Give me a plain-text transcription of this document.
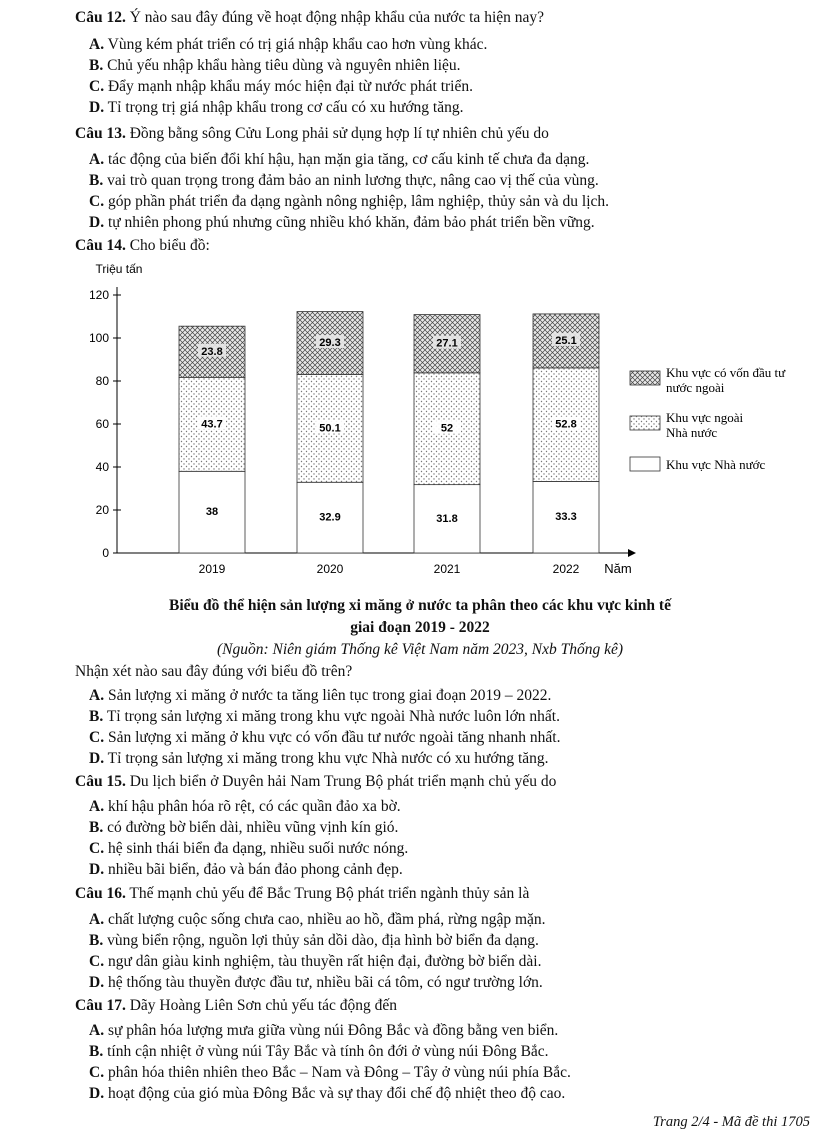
Câu 12. Ý nào sau đây đúng về hoạt động nhập khẩu của nước ta hiện nay?
A. Vùng kém phát triển có trị giá nhập khẩu cao hơn vùng khác.
B. Chủ yếu nhập khẩu hàng tiêu dùng và nguyên nhiên liệu.
C. Đẩy mạnh nhập khẩu máy móc hiện đại từ nước phát triển.
D. Tỉ trọng trị giá nhập khẩu trong cơ cấu có xu hướng tăng.
Câu 13. Đồng bằng sông Cửu Long phải sử dụng hợp lí tự nhiên chủ yếu do
A. tác động của biến đổi khí hậu, hạn mặn gia tăng, cơ cấu kinh tế chưa đa dạng.
B. vai trò quan trọng trong đảm bảo an ninh lương thực, nâng cao vị thế của vùng.
C. góp phần phát triển đa dạng ngành nông nghiệp, lâm nghiệp, thủy sản và du lịch.
D. tự nhiên phong phú nhưng cũng nhiều khó khăn, đảm bảo phát triển bền vững.
Câu 14. Cho biểu đồ:
Triệu tấn
0
20
40
60
80
100
120
Năm
38
43.7
23.8
2019
32.9
50.1
29.3
2020
31.8
52
27.1
2021
33.3
52.8
25.1
2022
Khu vực có vốn đầu tư
nước ngoài
Khu vực ngoài
Nhà nước
Khu vực Nhà nước
Biểu đồ thể hiện sản lượng xi măng ở nước ta phân theo các khu vực kinh tế
giai đoạn 2019 - 2022
(Nguồn: Niên giám Thống kê Việt Nam năm 2023, Nxb Thống kê)
Nhận xét nào sau đây đúng với biểu đồ trên?
A. Sản lượng xi măng ở nước ta tăng liên tục trong giai đoạn 2019 – 2022.
B. Tỉ trọng sản lượng xi măng trong khu vực ngoài Nhà nước luôn lớn nhất.
C. Sản lượng xi măng ở khu vực có vốn đầu tư nước ngoài tăng nhanh nhất.
D. Tỉ trọng sản lượng xi măng trong khu vực Nhà nước có xu hướng tăng.
Câu 15. Du lịch biển ở Duyên hải Nam Trung Bộ phát triển mạnh chủ yếu do
A. khí hậu phân hóa rõ rệt, có các quần đảo xa bờ.
B. có đường bờ biển dài, nhiều vũng vịnh kín gió.
C. hệ sinh thái biển đa dạng, nhiều suối nước nóng.
D. nhiều bãi biển, đảo và bán đảo phong cảnh đẹp.
Câu 16. Thế mạnh chủ yếu để Bắc Trung Bộ phát triển ngành thủy sản là
A. chất lượng cuộc sống chưa cao, nhiều ao hồ, đầm phá, rừng ngập mặn.
B. vùng biển rộng, nguồn lợi thủy sản dồi dào, địa hình bờ biển đa dạng.
C. ngư dân giàu kinh nghiệm, tàu thuyền rất hiện đại, đường bờ biển dài.
D. hệ thống tàu thuyền được đầu tư, nhiều bãi cá tôm, có ngư trường lớn.
Câu 17. Dãy Hoàng Liên Sơn chủ yếu tác động đến
A. sự phân hóa lượng mưa giữa vùng núi Đông Bắc và đồng bằng ven biển.
B. tính cận nhiệt ở vùng núi Tây Bắc và tính ôn đới ở vùng núi Đông Bắc.
C. phân hóa thiên nhiên theo Bắc – Nam và Đông – Tây ở vùng núi phía Bắc.
D. hoạt động của gió mùa Đông Bắc và sự thay đổi chế độ nhiệt theo độ cao.
Trang 2/4 - Mã đề thi 1705
